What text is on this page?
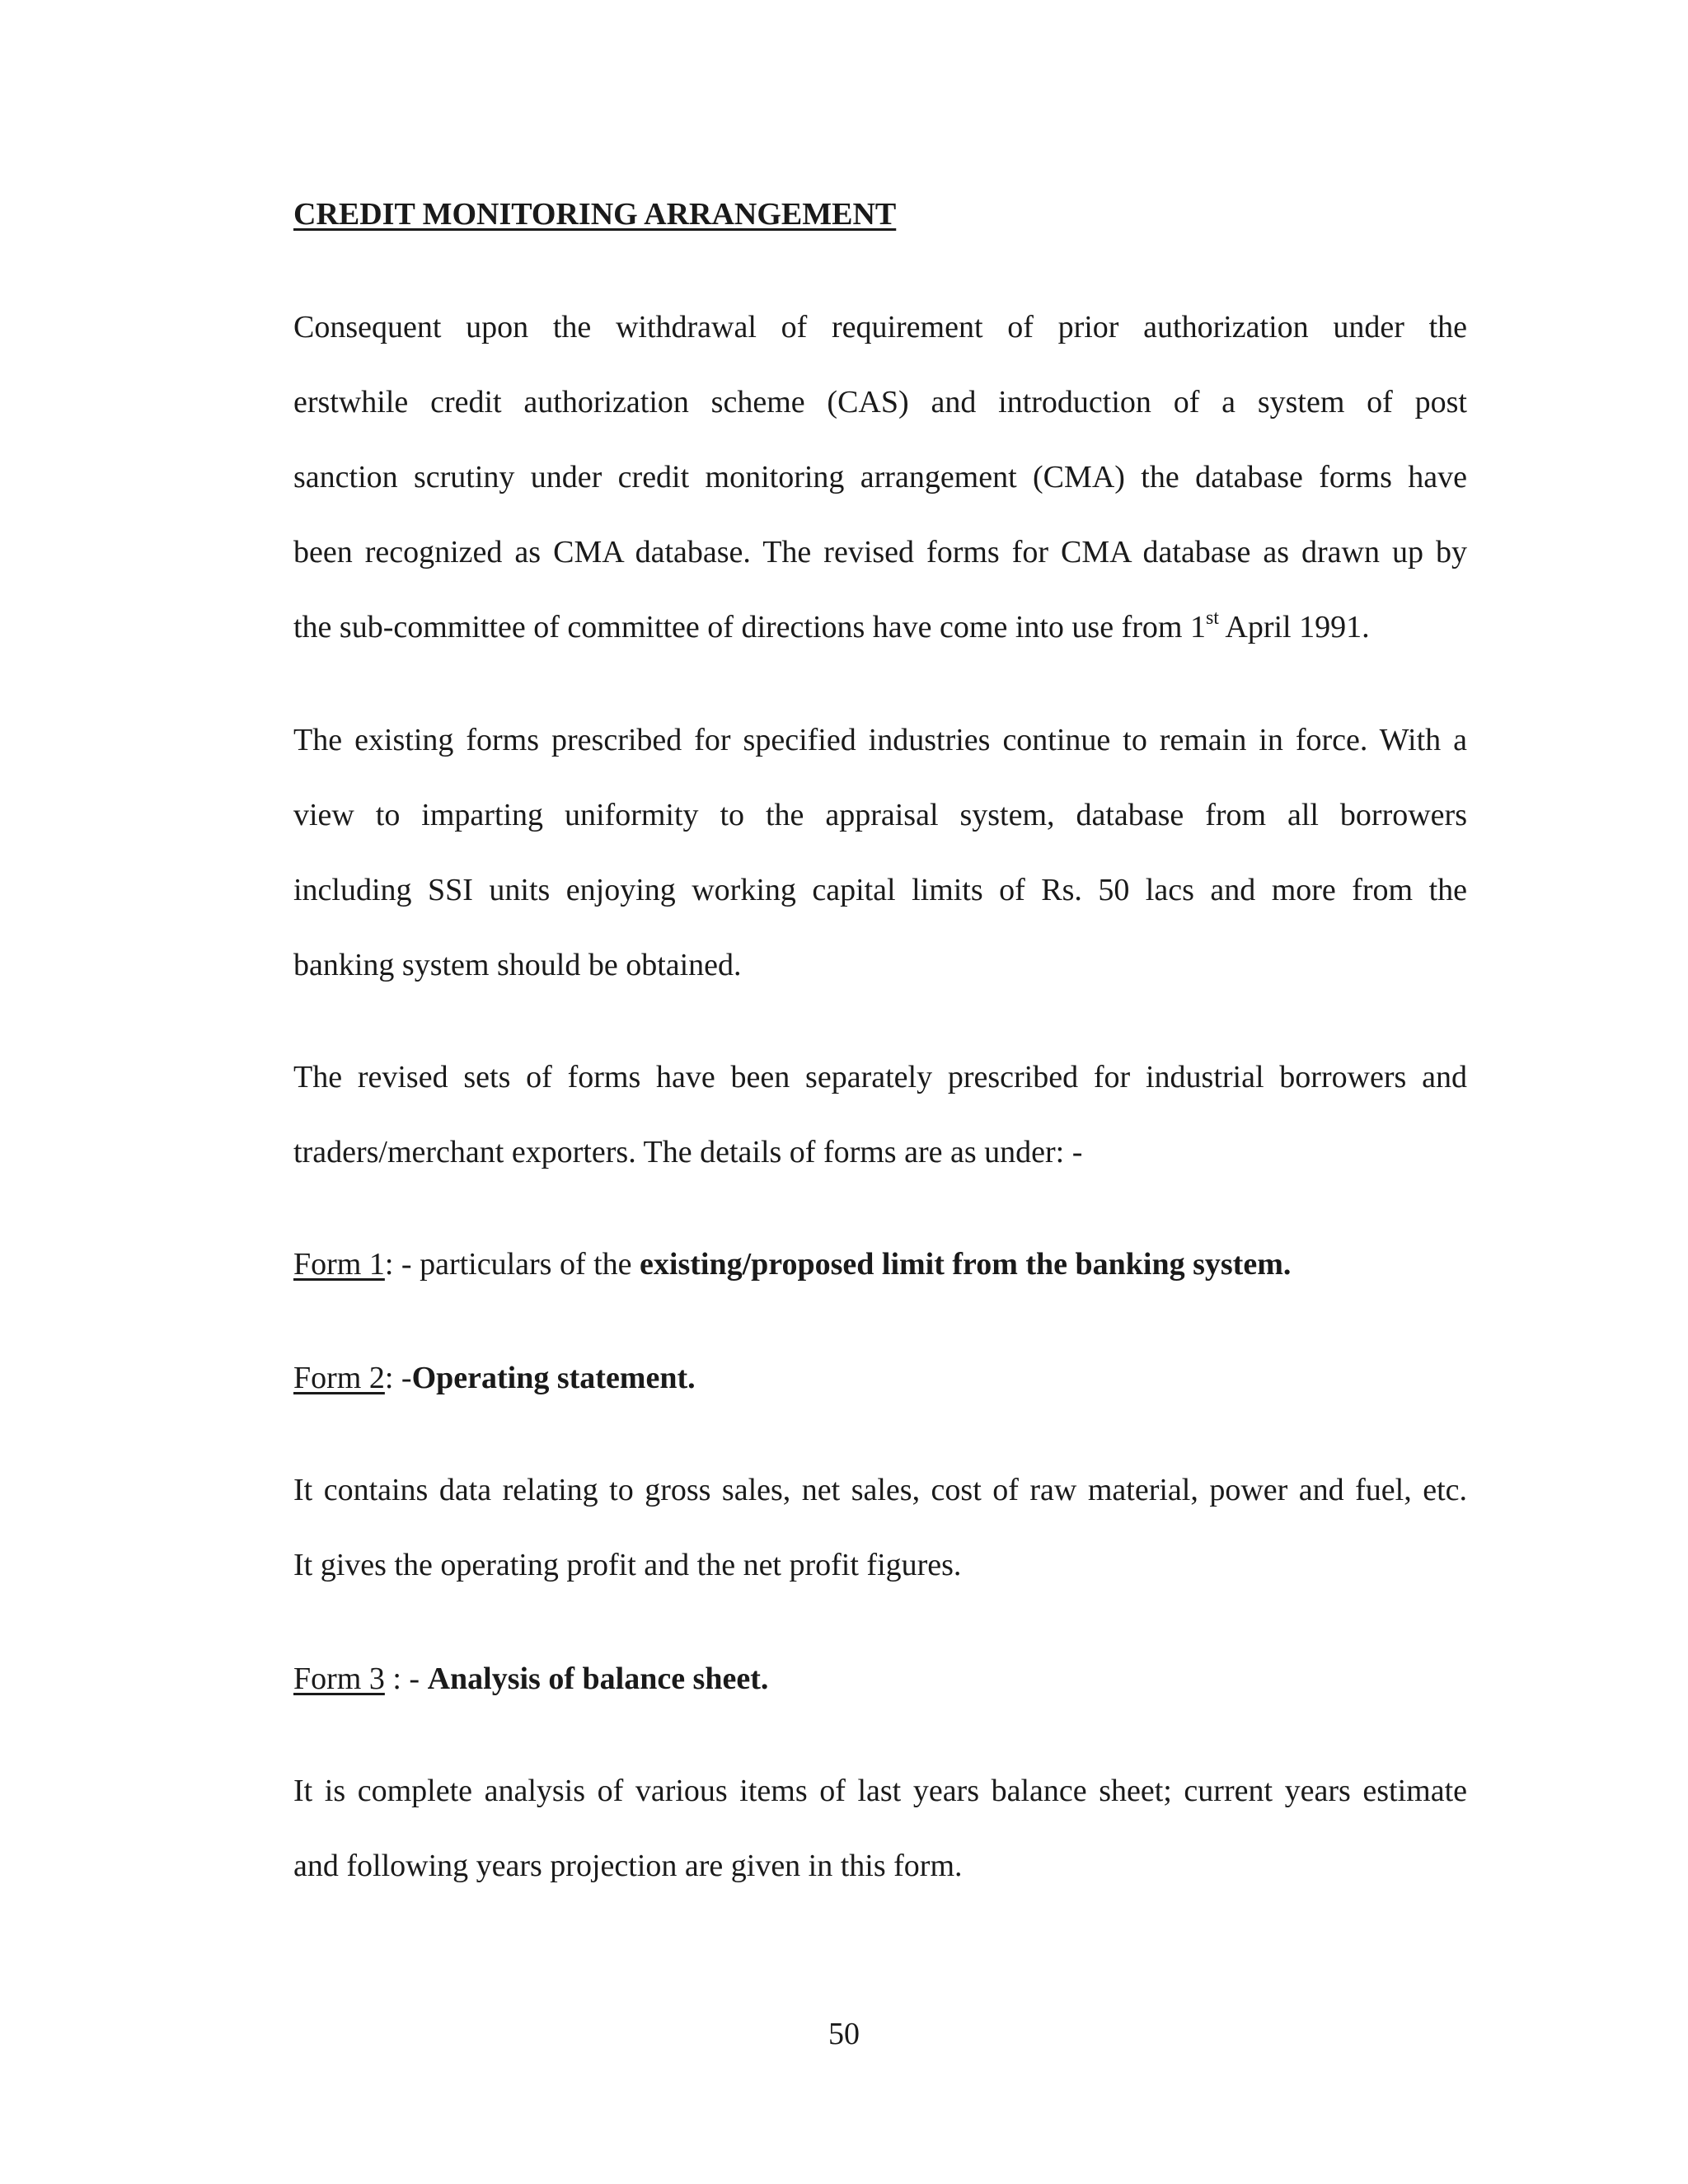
CREDIT MONITORING ARRANGEMENT

Consequent upon the withdrawal of requirement of prior authorization under the
erstwhile credit authorization scheme (CAS) and introduction of a system of post
sanction scrutiny under credit monitoring arrangement (CMA) the database forms have
been recognized as CMA database. The revised forms for CMA database as drawn up by
the sub-committee of committee of directions have come into use from 1st April 1991.

The existing forms prescribed for specified industries continue to remain in force. With a
view to imparting uniformity to the appraisal system, database from all borrowers
including SSI units enjoying working capital limits of Rs. 50 lacs and more from the
banking system should be obtained.

The revised sets of forms have been separately prescribed for industrial borrowers and
traders/merchant exporters. The details of forms are as under: -

Form 1: - particulars of the existing/proposed limit from the banking system.
Form 2: -Operating statement.

It contains data relating to gross sales, net sales, cost of raw material, power and fuel, etc.
It gives the operating profit and the net profit figures.

Form 3 : - Analysis of balance sheet.

It is complete analysis of various items of last years balance sheet; current years estimate
and following years projection are given in this form.

50
